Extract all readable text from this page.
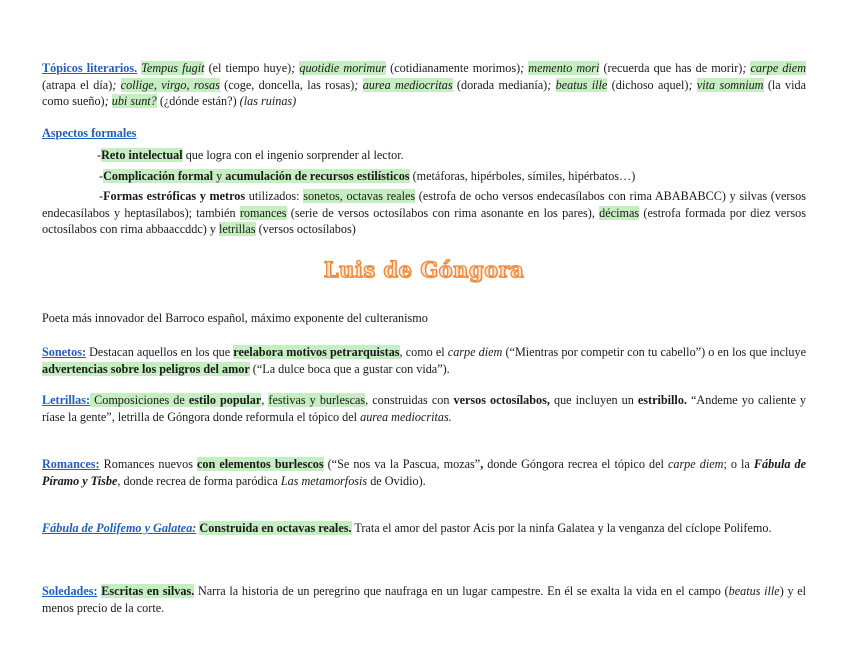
Tópicos literarios. Tempus fugit (el tiempo huye); quotidie morimur (cotidianamente morimos); memento mori (recuerda que has de morir); carpe diem (atrapa el día); collige, virgo, rosas (coge, doncella, las rosas); aurea mediocritas (dorada medianía); beatus ille (dichoso aquel); vita somnium (la vida como sueño); ubi sunt? (¿dónde están?) (las ruinas)

Aspectos formales

-Reto intelectual que logra con el ingenio sorprender al lector.

-Complicación formal y acumulación de recursos estilísticos (metáforas, hipérboles, símiles, hipérbatos…)

-Formas estróficas y metros utilizados: sonetos, octavas reales (estrofa de ocho versos endecasílabos con rima ABABABCC) y silvas (versos endecasílabos y heptasílabos); también romances (serie de versos octosílabos con rima asonante en los pares), décimas (estrofa formada por diez versos octosílabos con rima abbaaccddc) y letrillas (versos octosílabos)

Luis de Góngora

Poeta más innovador del Barroco español, máximo exponente del culteranismo

Sonetos: Destacan aquellos en los que reelabora motivos petrarquistas, como el carpe diem (“Mientras por competir con tu cabello”) o en los que incluye advertencias sobre los peligros del amor (“La dulce boca que a gustar con vida”).

Letrillas: Composiciones de estilo popular, festivas y burlescas, construidas con versos octosílabos, que incluyen un estribillo. “Andeme yo caliente y ríase la gente”, letrilla de Góngora donde reformula el tópico del aurea mediocritas.

Romances: Romances nuevos con elementos burlescos (“Se nos va la Pascua, mozas”, donde Góngora recrea el tópico del carpe diem; o la Fábula de Píramo y Tisbe, donde recrea de forma paródica Las metamorfosis de Ovidio).

Fábula de Polifemo y Galatea: Construida en octavas reales. Trata el amor del pastor Acis por la ninfa Galatea y la venganza del cíclope Polifemo.

Soledades: Escritas en silvas. Narra la historia de un peregrino que naufraga en un lugar campestre. En él se exalta la vida en el campo (beatus ille) y el menos precio de la corte.
